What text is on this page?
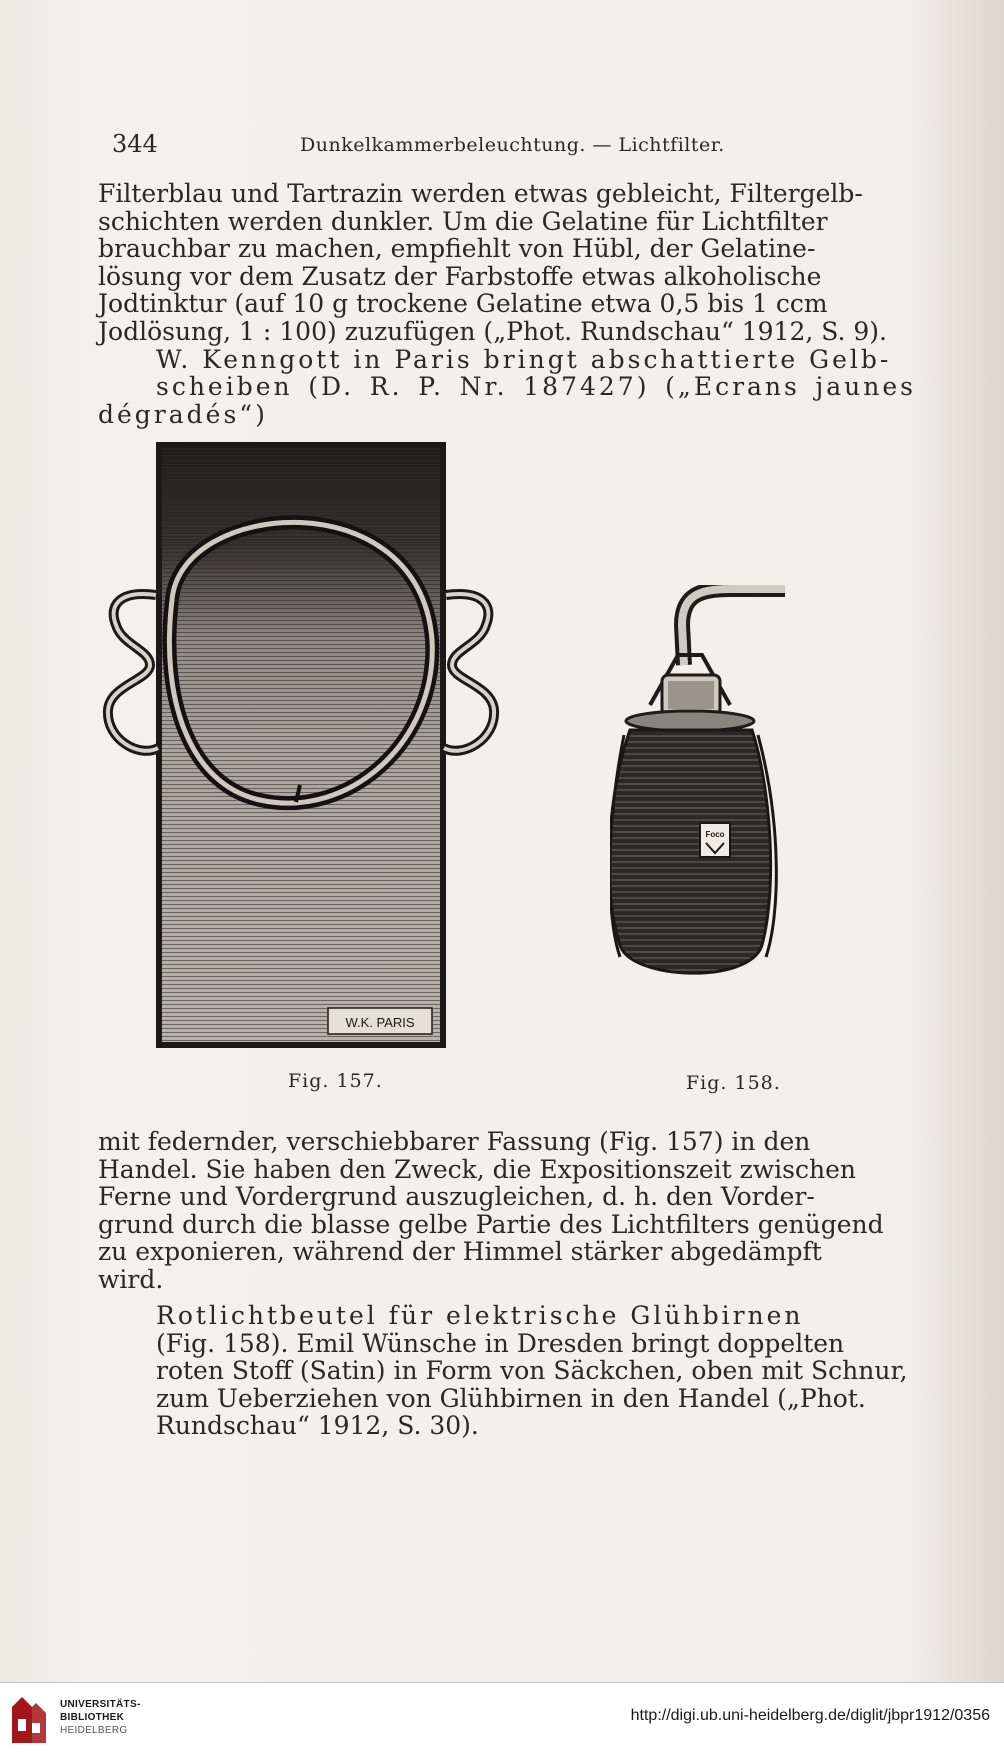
344	Dunkelkammerbeleuchtung. — Lichtfilter.

Filterblau und Tartrazin werden etwas gebleicht, Filtergelb-
schichten werden dunkler. Um die Gelatine für Lichtfilter
brauchbar zu machen, empfiehlt von Hübl, der Gelatine-
lösung vor dem Zusatz der Farbstoffe etwas alkoholische
Jodtinktur (auf 10 g trockene Gelatine etwa 0,5 bis 1 ccm
Jodlösung, 1 : 100) zuzufügen („Phot. Rundschau“ 1912, S. 9).

W. Kenngott in Paris bringt abschattierte Gelb-
scheiben (D. R. P. Nr. 187427) („Ecrans jaunes dégradés“)

W.K. PARIS
Foco
Fig. 157.	Fig. 158.

mit federnder, verschiebbarer Fassung (Fig. 157) in den
Handel. Sie haben den Zweck, die Expositionszeit zwischen
Ferne und Vordergrund auszugleichen, d. h. den Vorder-
grund durch die blasse gelbe Partie des Lichtfilters genügend
zu exponieren, während der Himmel stärker abgedämpft
wird.

Rotlichtbeutel für elektrische Glühbirnen
(Fig. 158). Emil Wünsche in Dresden bringt doppelten
roten Stoff (Satin) in Form von Säckchen, oben mit Schnur,
zum Ueberziehen von Glühbirnen in den Handel („Phot.
Rundschau“ 1912, S. 30).

UNIVERSITÄTS-
BIBLIOTHEK
HEIDELBERG
http://digi.ub.uni-heidelberg.de/diglit/jbpr1912/0356
